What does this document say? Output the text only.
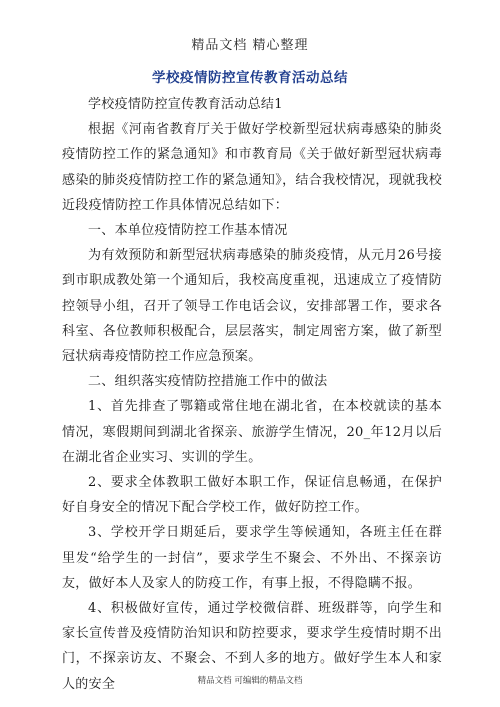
精品文档 精心整理
学校疫情防控宣传教育活动总结

学校疫情防控宣传教育活动总结1

根据《河南省教育厅关于做好学校新型冠状病毒感染的肺炎疫情防控工作的紧急通知》和市教育局《关于做好新型冠状病毒感染的肺炎疫情防控工作的紧急通知》，结合我校情况，现就我校近段疫情防控工作具体情况总结如下：

一、本单位疫情防控工作基本情况

为有效预防和新型冠状病毒感染的肺炎疫情，从元月26号接到市职成教处第一个通知后，我校高度重视，迅速成立了疫情防控领导小组，召开了领导工作电话会议，安排部署工作，要求各科室、各位教师积极配合，层层落实，制定周密方案，做了新型冠状病毒疫情防控工作应急预案。

二、组织落实疫情防控措施工作中的做法

1、首先排查了鄂籍或常住地在湖北省，在本校就读的基本情况，寒假期间到湖北省探亲、旅游学生情况，20_年12月以后在湖北省企业实习、实训的学生。

2、要求全体教职工做好本职工作，保证信息畅通，在保护好自身安全的情况下配合学校工作，做好防控工作。

3、学校开学日期延后，要求学生等候通知，各班主任在群里发“给学生的一封信”，要求学生不聚会、不外出、不探亲访友，做好本人及家人的防疫工作，有事上报，不得隐瞒不报。

4、积极做好宣传，通过学校微信群、班级群等，向学生和家长宣传普及疫情防治知识和防控要求，要求学生疫情时期不出门，不探亲访友、不聚会、不到人多的地方。做好学生本人和家人的安全	精品文档 可编辑的精品文档
